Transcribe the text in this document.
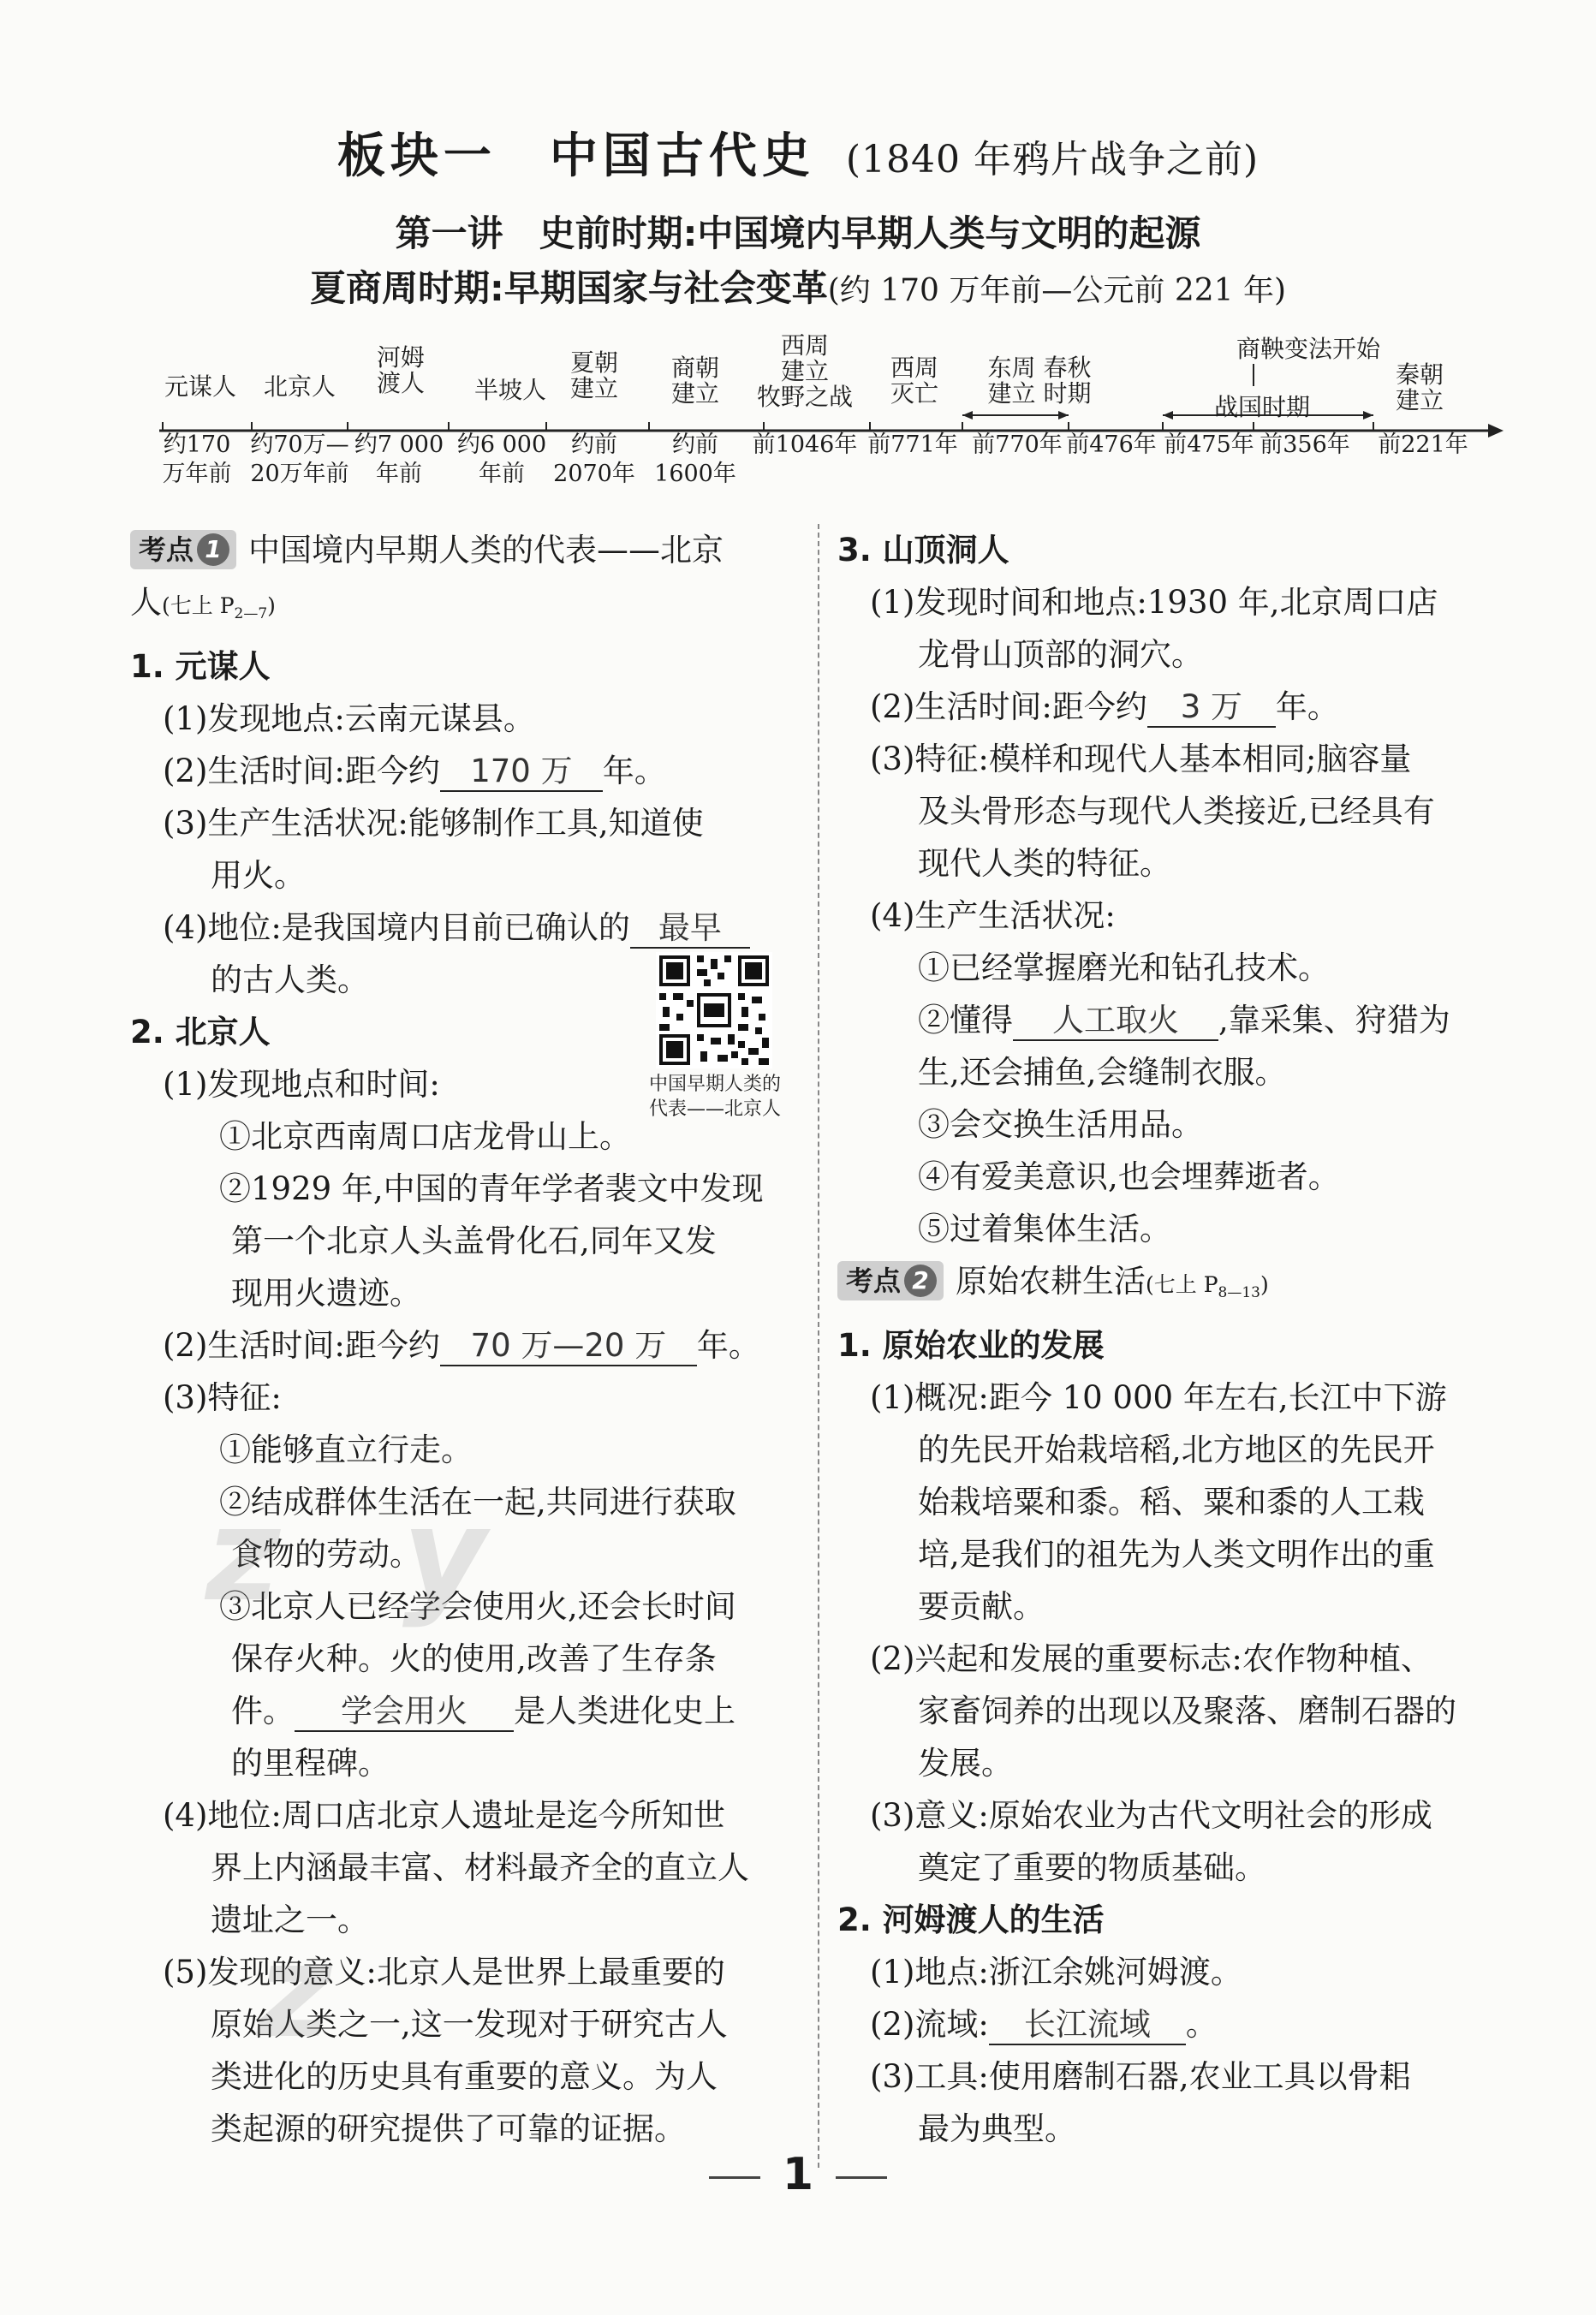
板块一　中国古代史 (1840 年鸦片战争之前)
第一讲　史前时期:中国境内早期人类与文明的起源
夏商周时期:早期国家与社会变革(约 170 万年前—公元前 221 年)
元谋人 北京人
河姆
渡人 半坡人
夏朝
建立
商朝
建立
西周
建立
牧野之战
西周
灭亡
东周 春秋
建立 时期
商鞅变法开始
战国时期
秦朝
建立
约170
万年前
约70万—
20万年前
约7 000
年前
约6 000
年前
约前
2070年
约前
1600年
前1046年 前771年 前770年 前476年 前475年 前356年 前221年
考点 1 中国境内早期人类的代表——北京
人(七上 $P_{2—7}$)
1. 元谋人
(1)发现地点:云南元谋县。
(2)生活时间:距今约 170 万 年。
(3)生产生活状况:能够制作工具,知道使
用火。
(4)地位:是我国境内目前已确认的 最早
的古人类。
2. 北京人
(1)发现地点和时间:
①北京西南周口店龙骨山上。
②1929 年,中国的青年学者裴文中发现
第一个北京人头盖骨化石,同年又发
现用火遗迹。
(2)生活时间:距今约 70 万—20 万 年。
(3)特征:
①能够直立行走。
②结成群体生活在一起,共同进行获取
食物的劳动。
③北京人已经学会使用火,还会长时间
保存火种。火的使用,改善了生存条
件。 学会用火 是人类进化史上
的里程碑。
(4)地位:周口店北京人遗址是迄今所知世
界上内涵最丰富、材料最齐全的直立人
遗址之一。
(5)发现的意义:北京人是世界上最重要的
原始人类之一,这一发现对于研究古人
类进化的历史具有重要的意义。为人
类起源的研究提供了可靠的证据。
中国早期人类的
代表——北京人
3. 山顶洞人
(1)发现时间和地点:1930 年,北京周口店
龙骨山顶部的洞穴。
(2)生活时间:距今约 3 万 年。
(3)特征:模样和现代人基本相同;脑容量
及头骨形态与现代人类接近,已经具有
现代人类的特征。
(4)生产生活状况:
①已经掌握磨光和钻孔技术。
②懂得 人工取火 ,靠采集、狩猎为
生,还会捕鱼,会缝制衣服。
③会交换生活用品。
④有爱美意识,也会埋葬逝者。
⑤过着集体生活。
考点 2 原始农耕生活(七上 $P_{8—13}$)
1. 原始农业的发展
(1)概况:距今 10 000 年左右,长江中下游
的先民开始栽培稻,北方地区的先民开
始栽培粟和黍。稻、粟和黍的人工栽
培,是我们的祖先为人类文明作出的重
要贡献。
(2)兴起和发展的重要标志:农作物种植、
家畜饲养的出现以及聚落、磨制石器的
发展。
(3)意义:原始农业为古代文明社会的形成
奠定了重要的物质基础。
2. 河姆渡人的生活
(1)地点:浙江余姚河姆渡。
(2)流域: 长江流域 。
(3)工具:使用磨制石器,农业工具以骨耜
最为典型。
z y
z
1
